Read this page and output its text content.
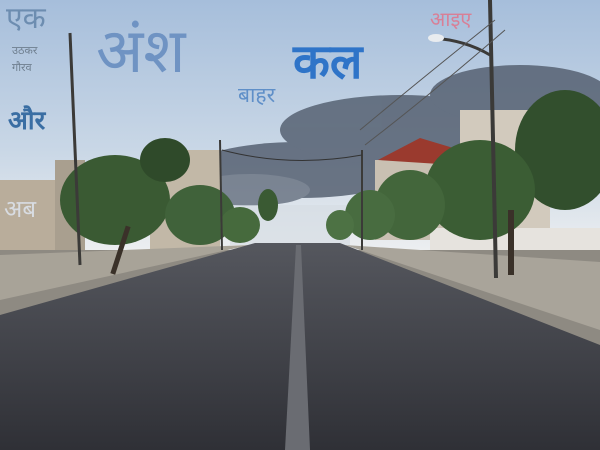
एक
उठकर
गौरव अंश
और
बाहर
कल
आइए
अब
